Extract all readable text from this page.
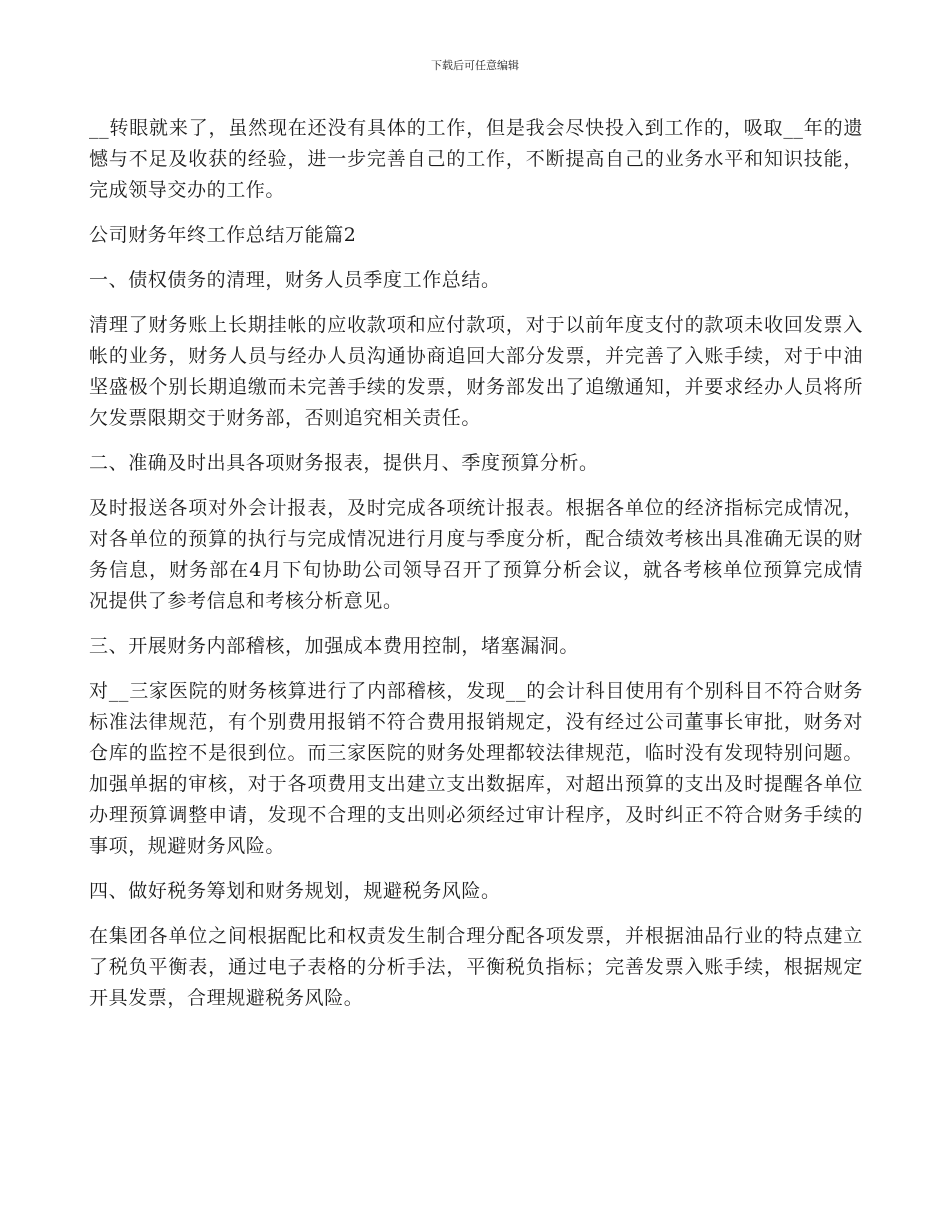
下载后可任意编辑

__转眼就来了，虽然现在还没有具体的工作，但是我会尽快投入到工作的，吸取__年的遗憾与不足及收获的经验，进一步完善自己的工作，不断提高自己的业务水平和知识技能，完成领导交办的工作。

公司财务年终工作总结万能篇2

一、债权债务的清理，财务人员季度工作总结。

清理了财务账上长期挂帐的应收款项和应付款项，对于以前年度支付的款项未收回发票入帐的业务，财务人员与经办人员沟通协商追回大部分发票，并完善了入账手续，对于中油坚盛极个别长期追缴而未完善手续的发票，财务部发出了追缴通知，并要求经办人员将所欠发票限期交于财务部，否则追究相关责任。

二、准确及时出具各项财务报表，提供月、季度预算分析。

及时报送各项对外会计报表，及时完成各项统计报表。根据各单位的经济指标完成情况，对各单位的预算的执行与完成情况进行月度与季度分析，配合绩效考核出具准确无误的财务信息，财务部在4月下旬协助公司领导召开了预算分析会议，就各考核单位预算完成情况提供了参考信息和考核分析意见。

三、开展财务内部稽核，加强成本费用控制，堵塞漏洞。

对__三家医院的财务核算进行了内部稽核，发现__的会计科目使用有个别科目不符合财务标准法律规范，有个别费用报销不符合费用报销规定，没有经过公司董事长审批，财务对仓库的监控不是很到位。而三家医院的财务处理都较法律规范，临时没有发现特别问题。加强单据的审核，对于各项费用支出建立支出数据库，对超出预算的支出及时提醒各单位办理预算调整申请，发现不合理的支出则必须经过审计程序，及时纠正不符合财务手续的事项，规避财务风险。

四、做好税务筹划和财务规划，规避税务风险。

在集团各单位之间根据配比和权责发生制合理分配各项发票，并根据油品行业的特点建立了税负平衡表，通过电子表格的分析手法，平衡税负指标；完善发票入账手续，根据规定开具发票，合理规避税务风险。
